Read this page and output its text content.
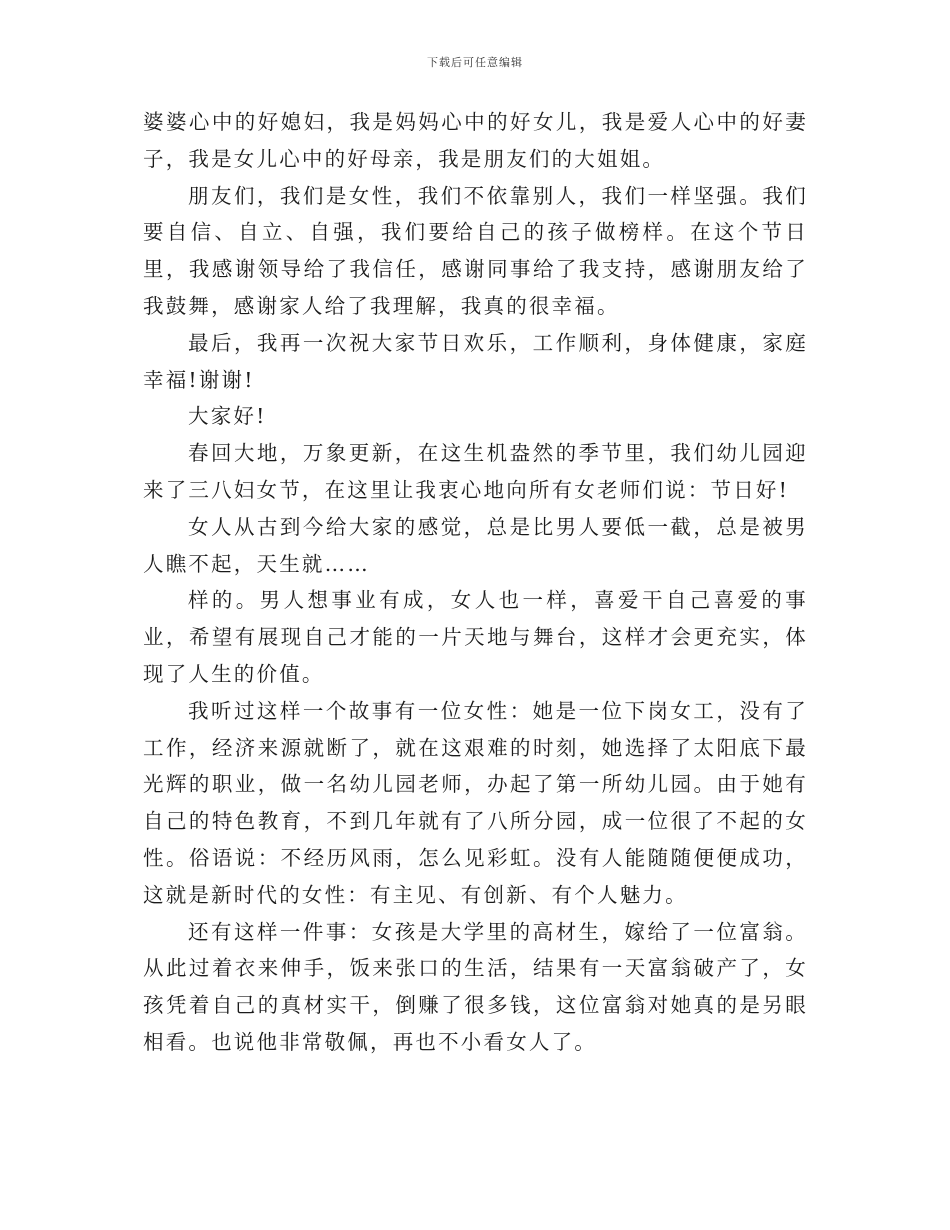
下载后可任意编辑

婆婆心中的好媳妇，我是妈妈心中的好女儿，我是爱人心中的好妻子，我是女儿心中的好母亲，我是朋友们的大姐姐。

朋友们，我们是女性，我们不依靠别人，我们一样坚强。我们要自信、自立、自强，我们要给自己的孩子做榜样。在这个节日里，我感谢领导给了我信任，感谢同事给了我支持，感谢朋友给了我鼓舞，感谢家人给了我理解，我真的很幸福。

最后，我再一次祝大家节日欢乐，工作顺利，身体健康，家庭幸福!谢谢!

大家好!

春回大地，万象更新，在这生机盎然的季节里，我们幼儿园迎来了三八妇女节，在这里让我衷心地向所有女老师们说：节日好!

女人从古到今给大家的感觉，总是比男人要低一截，总是被男人瞧不起，天生就……

样的。男人想事业有成，女人也一样，喜爱干自己喜爱的事业，希望有展现自己才能的一片天地与舞台，这样才会更充实，体现了人生的价值。

我听过这样一个故事有一位女性：她是一位下岗女工，没有了工作，经济来源就断了，就在这艰难的时刻，她选择了太阳底下最光辉的职业，做一名幼儿园老师，办起了第一所幼儿园。由于她有自己的特色教育，不到几年就有了八所分园，成一位很了不起的女性。俗语说：不经历风雨，怎么见彩虹。没有人能随随便便成功，这就是新时代的女性：有主见、有创新、有个人魅力。

还有这样一件事：女孩是大学里的高材生，嫁给了一位富翁。从此过着衣来伸手，饭来张口的生活，结果有一天富翁破产了，女孩凭着自己的真材实干，倒赚了很多钱，这位富翁对她真的是另眼相看。也说他非常敬佩，再也不小看女人了。
